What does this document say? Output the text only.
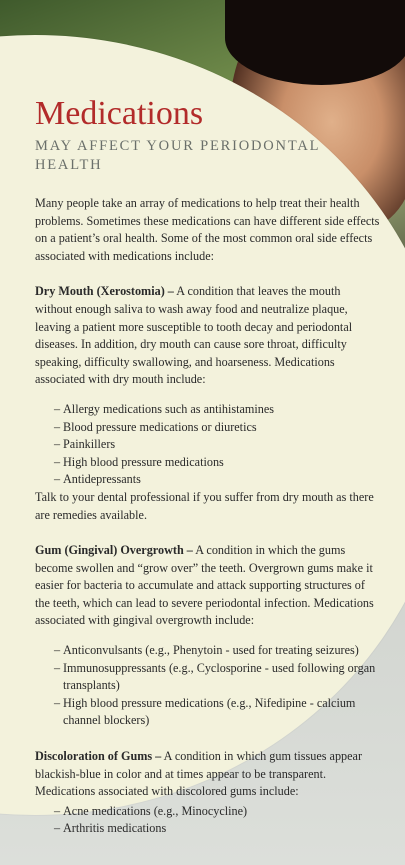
Medications
MAY AFFECT YOUR PERIODONTAL HEALTH

Many people take an array of medications to help treat their health problems. Sometimes these medications can have different side effects on a patient’s oral health. Some of the most common oral side effects associated with medications include:

Dry Mouth (Xerostomia) – A condition that leaves the mouth without enough saliva to wash away food and neutralize plaque, leaving a patient more susceptible to tooth decay and periodontal diseases. In addition, dry mouth can cause sore throat, difficulty speaking, difficulty swallowing, and hoarseness. Medications associated with dry mouth include:

– Allergy medications such as antihistamines
– Blood pressure medications or diuretics
– Painkillers
– High blood pressure medications
– Antidepressants

Talk to your dental professional if you suffer from dry mouth as there are remedies available.

Gum (Gingival) Overgrowth – A condition in which the gums become swollen and “grow over” the teeth. Overgrown gums make it easier for bacteria to accumulate and attack supporting structures of the teeth, which can lead to severe periodontal infection. Medications associated with gingival overgrowth include:

– Anticonvulsants (e.g., Phenytoin - used for treating seizures)
– Immunosuppressants (e.g., Cyclosporine - used following organ transplants)
– High blood pressure medications (e.g., Nifedipine - calcium channel blockers)

Discoloration of Gums – A condition in which gum tissues appear blackish-blue in color and at times appear to be transparent. Medications associated with discolored gums include:

– Acne medications (e.g., Minocycline)
– Arthritis medications
